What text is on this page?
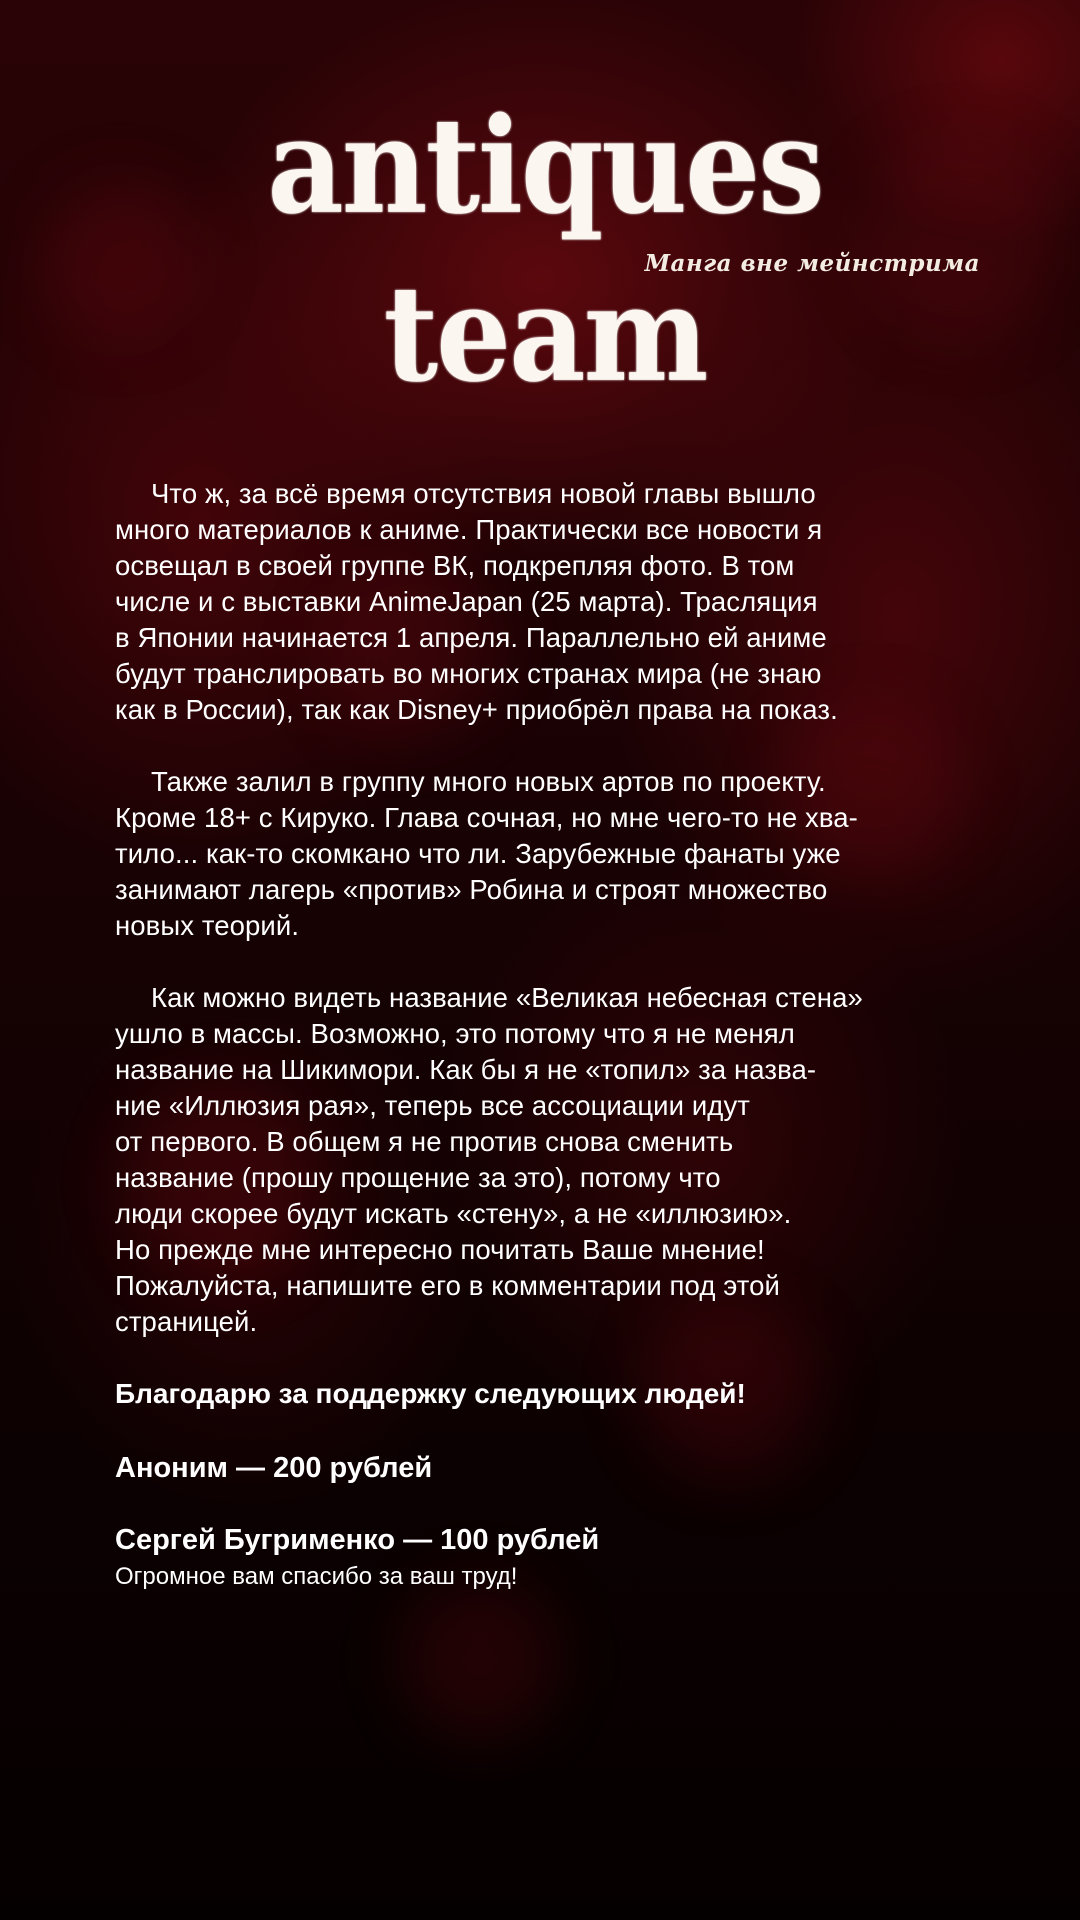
antiques team
Манга вне мейнстрима
Что ж, за всё время отсутствия новой главы вышло
много материалов к аниме. Практически все новости я
освещал в своей группе ВК, подкрепляя фото. В том
числе и с выставки AnimeJapan (25 марта). Трасляция
в Японии начинается 1 апреля. Параллельно ей аниме
будут транслировать во многих странах мира (не знаю
как в России), так как Disney+ приобрёл права на показ.
Также залил в группу много новых артов по проекту.
Кроме 18+ с Кируко. Глава сочная, но мне чего-то не хва-
тило... как-то скомкано что ли. Зарубежные фанаты уже
занимают лагерь «против» Робина и строят множество
новых теорий.
Как можно видеть название «Великая небесная стена»
ушло в массы. Возможно, это потому что я не менял
название на Шикимори. Как бы я не «топил» за назва-
ние «Иллюзия рая», теперь все ассоциации идут
от первого. В общем я не против снова сменить
название (прошу прощение за это), потому что
люди скорее будут искать «стену», а не «иллюзию».
Но прежде мне интересно почитать Ваше мнение!
Пожалуйста, напишите его в комментарии под этой
страницей.
Благодарю за поддержку следующих людей!
Аноним — 200 рублей
Сергей Бугрименко — 100 рублей
Огромное вам спасибо за ваш труд!
